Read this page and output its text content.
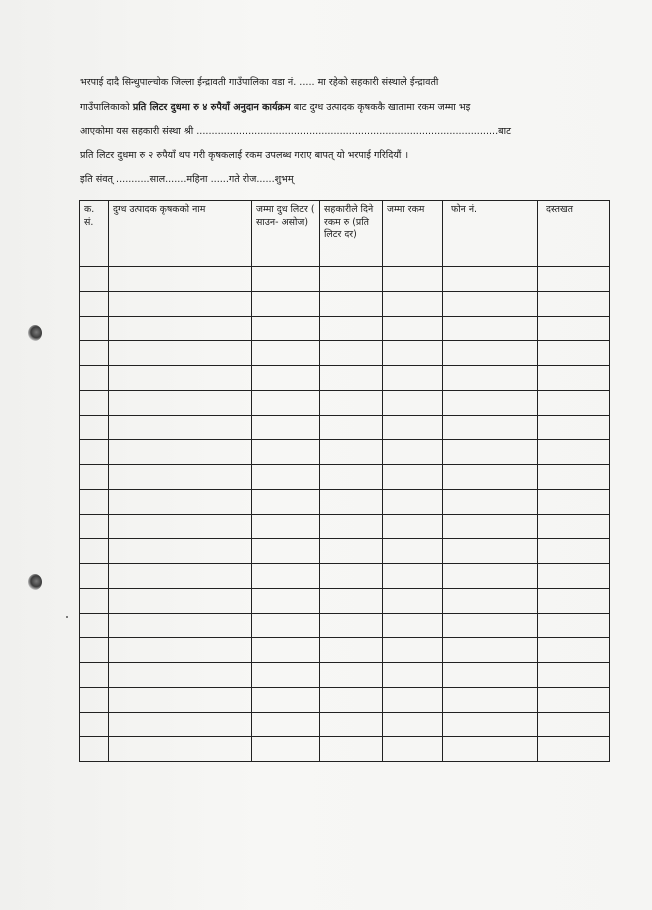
भरपाई दादै सिन्धुपाल्चोक जिल्ला ईन्द्रावती गाउँपालिका वडा नं. ..... मा रहेको सहकारी संस्थाले ईन्द्रावती
गाउँपालिकाको प्रति लिटर दुधमा रु ४ रुपैयाँ अनुदान कार्यक्रम बाट दुग्ध उत्पादक कृषककै खातामा रकम जम्मा भइ
आएकोमा यस सहकारी संस्था श्री ...................................................................................................बाट
प्रति लिटर दुधमा रु २ रुपैयाँ थप गरी कृषकलाई रकम उपलब्ध गराए बापत् यो भरपाई गरिदियौं ।
इति संवत् ...........साल.......महिना ......गते रोज......शुभम्
क. सं.	दुग्ध उत्पादक कृषकको नाम	जम्मा दुध लिटर ( साउन- असोज)	सहकारीले दिने रकम रु (प्रति लिटर दर)	जम्मा रकम	फोन नं.	दस्तखत
